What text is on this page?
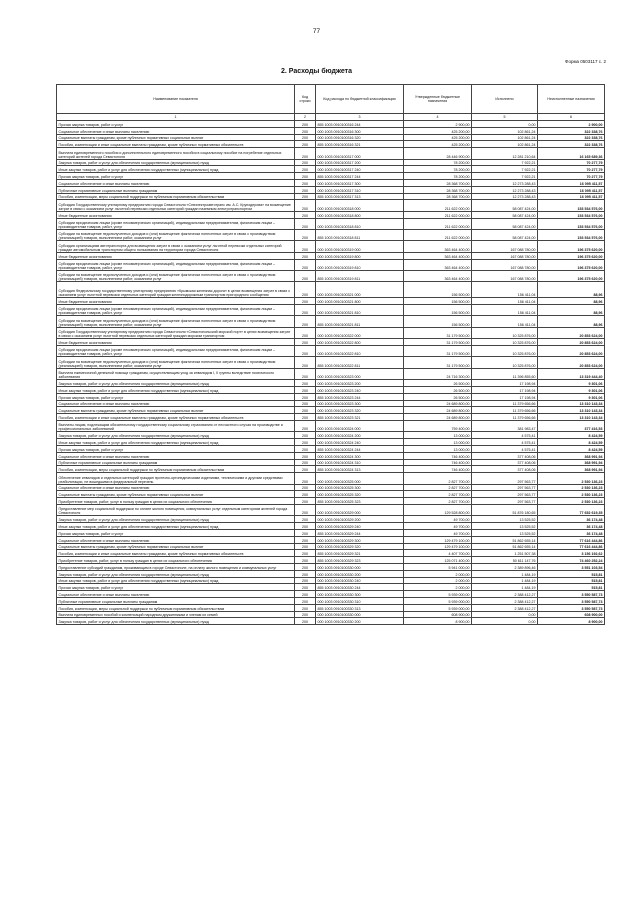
77
Форма 0503117 с. 2
2. Расходы бюджета
Наименование показателя	Код строки	Код расхода по бюджетной классификации	Утвержденные бюджетные назначения	Исполнено	Неисполненные назначения
1	2	3	4	5	6
Прочая закупка товаров, работ и услуг	200	855 1003 0910100316 244	2 900,00	0,00	2 900,00
Социальное обеспечение и иные выплаты населению	200	000 1003 0910100316 300	425 200,00	102 861,24	322 338,76
Социальные выплаты гражданам, кроме публичных нормативных социальных выплат	200	000 1003 0910100316 320	425 200,00	102 861,24	322 338,76
Пособия, компенсации и иные социальные выплаты гражданам, кроме публичных нормативных обязательств	200	855 1003 0910100316 321	425 200,00	102 861,24	322 338,76
Выплата единовременного пособия и дополнительного единовременного пособия в социальному пособие на погребение отдельных категорий жителей города Севастополя	200	000 1003 0910100317 000	28 446 900,00	12 281 210,64	16 165 689,36
Закупка товаров, работ и услуг для обеспечения государственных (муниципальных) нужд	200	000 1003 0910100317 200	78 200,00	7 922,21	70 277,79
Иные закупки товаров, работ и услуг для обеспечения государственных (муниципальных) нужд	200	000 1003 0910100317 240	78 200,00	7 922,21	70 277,79
Прочая закупка товаров, работ и услуг	200	855 1003 0910100317 244	78 200,00	7 922,21	70 277,79
Социальное обеспечение и иные выплаты населению	200	000 1003 0910100317 300	28 368 700,00	12 273 288,43	16 095 411,57
Публичные нормативные социальные выплаты гражданам	200	000 1003 0910100317 310	28 368 700,00	12 273 288,43	16 095 411,57
Пособия, компенсации, меры социальной поддержки по публичным нормативным обязательствам	200	855 1003 0910100317 313	28 368 700,00	12 273 288,43	16 095 411,57
Субсидия Государственному унитарному предприятию города Севастополя «Севэлектроавтотранс им. А.С. Круподерова» на возмещение затрат в связи с оказанием услуг льготной перевозки отдельных категорий граждан наземным электротранспортом	200	000 1003 0910100318 000	211 622 000,00	58 087 424,00	153 534 576,00
Иные бюджетные ассигнования	200	000 1003 0910100318 800	211 622 000,00	58 087 424,00	153 534 576,00
Субсидии юридическим лицам (кроме некоммерческих организаций), индивидуальным предпринимателям, физическим лицам – производителям товаров, работ, услуг	200	000 1003 0910100318 810	211 622 000,00	58 087 424,00	153 534 576,00
Субсидии на возмещение недополученных доходов и (или) возмещение фактически понесенных затрат в связи с производством (реализацией) товаров, выполнением работ, оказанием услуг	200	855 1003 0910100318 811	211 622 000,00	58 087 424,00	153 534 576,00
Субсидия организациям автотранспорта для возмещения затрат в связи с оказанием услуг льготной перевозки отдельных категорий граждан автомобильным транспортом общего пользования на территории города Севастополя	200	000 1003 0910100319 000	363 464 400,00	167 088 780,00	196 375 620,00
Иные бюджетные ассигнования	200	000 1003 0910100319 800	363 464 400,00	167 088 780,00	196 375 620,00
Субсидии юридическим лицам (кроме некоммерческих организаций), индивидуальным предпринимателям, физическим лицам – производителям товаров, работ, услуг	200	000 1003 0910100319 810	363 464 400,00	167 088 780,00	196 375 620,00
Субсидии на возмещение недополученных доходов и (или) возмещение фактически понесенных затрат в связи с производством (реализацией) товаров, выполнением работ, оказанием услуг	200	855 1003 0910100319 811	363 464 400,00	167 088 780,00	196 375 620,00
Субсидия Федеральному государственному унитарному предприятию «Крымская железная дорога» в целях возмещения затрат в связи с оказанием услуг льготной перевозки отдельных категорий граждан железнодорожным транспортом пригородного сообщения	200	000 1003 0910100321 000	156 500,00	156 411,04	88,96
Иные бюджетные ассигнования	200	000 1003 0910100321 800	156 500,00	156 411,04	88,96
Субсидии юридическим лицам (кроме некоммерческих организаций), индивидуальным предпринимателям, физическим лицам – производителям товаров, работ, услуг	200	000 1003 0910100321 810	156 500,00	156 411,04	88,96
Субсидии на возмещение недополученных доходов и (или) возмещение фактически понесенных затрат в связи с производством (реализацией) товаров, выполнением работ, оказанием услуг	200	855 1003 0910100321 811	156 500,00	156 411,04	88,96
Субсидия Государственному унитарному предприятию города Севастополя «Севастопольский морской порт» в целях возмещения затрат в связи с оказанием услуг льготной перевозки отдельных категорий граждан морским транспортом	200	000 1003 0910100322 000	31 179 500,00	10 325 876,00	20 853 624,00
Иные бюджетные ассигнования	200	000 1003 0910100322 800	31 179 500,00	10 325 876,00	20 853 624,00
Субсидии юридическим лицам (кроме некоммерческих организаций), индивидуальным предпринимателям, физическим лицам – производителям товаров, работ, услуг	200	000 1003 0910100322 810	31 179 500,00	10 325 876,00	20 853 624,00
Субсидии на возмещение недополученных доходов и (или) возмещение фактически понесенных затрат в связи с производством (реализацией) товаров, выполнением работ, оказанием услуг	200	855 1003 0910100322 811	31 179 500,00	10 325 876,00	20 853 624,00
Выплата ежемесячной денежной помощи гражданам, осуществляющим уход за инвалидом I, II группы вследствие психического заболевания	200	000 1003 0910100323 000	24 716 300,00	11 396 855,60	13 319 444,40
Закупка товаров, работ и услуг для обеспечения государственных (муниципальных) нужд	200	000 1003 0910100323 200	26 500,00	17 198,94	9 301,06
Иные закупки товаров, работ и услуг для обеспечения государственных (муниципальных) нужд	200	000 1003 0910100323 240	26 500,00	17 198,94	9 301,06
Прочая закупка товаров, работ и услуг	200	855 1003 0910100323 244	26 500,00	17 198,94	9 301,06
Социальное обеспечение и иные выплаты населению	200	000 1003 0910100323 300	24 689 800,00	11 379 656,66	13 310 143,34
Социальные выплаты гражданам, кроме публичных нормативных социальных выплат	200	000 1003 0910100323 320	24 689 800,00	11 379 656,66	13 310 143,34
Пособия, компенсации и иные социальные выплаты гражданам, кроме публичных нормативных обязательств	200	855 1003 0910100323 321	24 689 800,00	11 379 656,66	13 310 143,34
Выплаты лицам, подлежащим обязательному государственному социальному страхованию от несчастного случая на производстве и профессиональных заболеваний	200	000 1003 0910100324 000	759 400,00	381 983,47	377 416,53
Закупка товаров, работ и услуг для обеспечения государственных (муниципальных) нужд	200	000 1003 0910100324 200	13 000,00	4 575,41	8 424,59
Иные закупки товаров, работ и услуг для обеспечения государственных (муниципальных) нужд	200	000 1003 0910100324 240	13 000,00	4 575,41	8 424,59
Прочая закупка товаров, работ и услуг	200	855 1003 0910100324 244	13 000,00	4 575,41	8 424,59
Социальное обеспечение и иные выплаты населению	200	000 1003 0910100324 300	746 400,00	377 408,06	368 991,94
Публичные нормативные социальные выплаты гражданам	200	000 1003 0910100324 310	746 400,00	377 408,06	368 991,94
Пособия, компенсации, меры социальной поддержки по публичным нормативным обязательствам	200	855 1003 0910100324 313	746 400,00	377 408,06	368 991,94
Обеспечение инвалидов и отдельных категорий граждан протезно-ортопедическими изделиями, техническими и другими средствами реабилитации, не вошедшими в федеральный перечень	200	000 1003 0910100325 000	2 827 700,00	297 563,77	2 530 136,23
Социальное обеспечение и иные выплаты населению	200	000 1003 0910100325 300	2 827 700,00	297 563,77	2 530 136,23
Социальные выплаты гражданам, кроме публичных нормативных социальных выплат	200	000 1003 0910100325 320	2 827 700,00	297 563,77	2 530 136,23
Приобретение товаров, работ, услуг в пользу граждан в целях их социального обеспечения	200	855 1003 0910100325 323	2 827 700,00	297 563,77	2 530 136,23
Предоставление мер социальной поддержки по оплате жилого помещения, коммунальных услуг отдельным категориям жителей города Севастополя	200	000 1003 0910100329 000	129 528 800,00	51 876 180,65	77 652 619,35
Закупка товаров, работ и услуг для обеспечения государственных (муниципальных) нужд	200	000 1003 0910100329 200	49 700,00	13 525,52	36 174,48
Иные закупки товаров, работ и услуг для обеспечения государственных (муниципальных) нужд	200	000 1003 0910100329 240	49 700,00	13 525,52	36 174,48
Прочая закупка товаров, работ и услуг	200	855 1003 0910100329 244	49 700,00	13 525,52	36 174,48
Социальное обеспечение и иные выплаты населению	200	000 1003 0910100329 300	129 479 100,00	51 862 655,14	77 616 444,86
Социальные выплаты гражданам, кроме публичных нормативных социальных выплат	200	000 1003 0910100329 320	129 479 100,00	51 862 655,14	77 616 444,86
Пособия, компенсации и иные социальные выплаты гражданам, кроме публичных нормативных обязательств	200	855 1003 0910100329 321	4 407 700,00	1 251 507,38	3 156 192,62
Приобретение товаров, работ, услуг в пользу граждан в целях их социального обеспечения	200	855 1003 0910100329 323	125 071 400,00	50 611 147,76	74 460 252,24
Предоставление субсидий гражданам, проживающим в городе Севастополе, на оплату жилого помещения и коммунальных услуг	200	000 1003 0910100330 000	5 941 000,00	2 389 896,46	3 551 103,54
Закупка товаров, работ и услуг для обеспечения государственных (муниципальных) нужд	200	000 1003 0910100330 200	2 000,00	1 484,19	515,81
Иные закупки товаров, работ и услуг для обеспечения государственных (муниципальных) нужд	200	000 1003 0910100330 240	2 000,00	1 484,19	515,81
Прочая закупка товаров, работ и услуг	200	855 1003 0910100330 244	2 000,00	1 484,19	515,81
Социальное обеспечение и иные выплаты населению	200	000 1003 0910100330 300	5 939 000,00	2 388 412,27	3 550 587,73
Публичные нормативные социальные выплаты гражданам	200	000 1003 0910100330 310	5 939 000,00	2 388 412,27	3 550 587,73
Пособия, компенсации, меры социальной поддержки по публичным нормативным обязательствам	200	855 1003 0910100330 313	5 939 000,00	2 388 412,27	3 550 587,73
Выплата единовременных пособий и компенсаций народным дружинникам и членам их семей	200	000 1003 0910100330 000	608 900,00	0,00	608 900,00
Закупка товаров, работ и услуг для обеспечения государственных (муниципальных) нужд	200	000 1003 0910100330 200	8 900,00	0,00	8 900,00
